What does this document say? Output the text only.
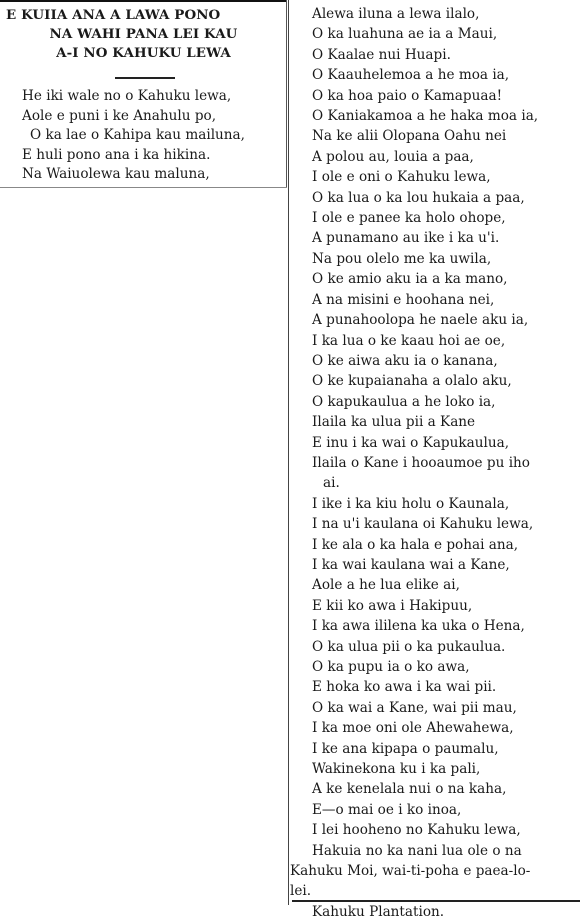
E KUIIA ANA A LAWA PONO
NA WAHI PANA LEI KAU
A-I NO KAHUKU LEWA
He iki wale no o Kahuku lewa,
Aole e puni i ke Anahulu po,
O ka lae o Kahipa kau mailuna,
E huli pono ana i ka hikina.
Na Waiuolewa kau maluna,
Alewa iluna a lewa ilalo,
O ka luahuna ae ia a Maui,
O Kaalae nui Huapi.
O Kaauhelemoa a he moa ia,
O ka hoa paio o Kamapuaa!
O Kaniakamoa a he haka moa ia,
Na ke alii Olopana Oahu nei
A polou au, louia a paa,
I ole e oni o Kahuku lewa,
O ka lua o ka lou hukaia a paa,
I ole e panee ka holo ohope,
A punamano au ike i ka u'i.
Na pou olelo me ka uwila,
O ke amio aku ia a ka mano,
A na misini e hoohana nei,
A punahoolopa he naele aku ia,
I ka lua o ke kaau hoi ae oe,
O ke aiwa aku ia o kanana,
O ke kupaianaha a olalo aku,
O kapukaulua a he loko ia,
Ilaila ka ulua pii a Kane
E inu i ka wai o Kapukaulua,
Ilaila o Kane i hooaumoe pu iho
ai.
I ike i ka kiu holu o Kaunala,
I na u'i kaulana oi Kahuku lewa,
I ke ala o ka hala e pohai ana,
I ka wai kaulana wai a Kane,
Aole a he lua elike ai,
E kii ko awa i Hakipuu,
I ka awa ililena ka uka o Hena,
O ka ulua pii o ka pukaulua.
O ka pupu ia o ko awa,
E hoka ko awa i ka wai pii.
O ka wai a Kane, wai pii mau,
I ka moe oni ole Ahewahewa,
I ke ana kipapa o paumalu,
Wakinekona ku i ka pali,
A ke kenelala nui o na kaha,
E—o mai oe i ko inoa,
I lei hooheno no Kahuku lewa,
Hakuia no ka nani lua ole o na
Kahuku Moi, wai-ti-poha e paea-lo-
lei.
Kahuku Plantation.
